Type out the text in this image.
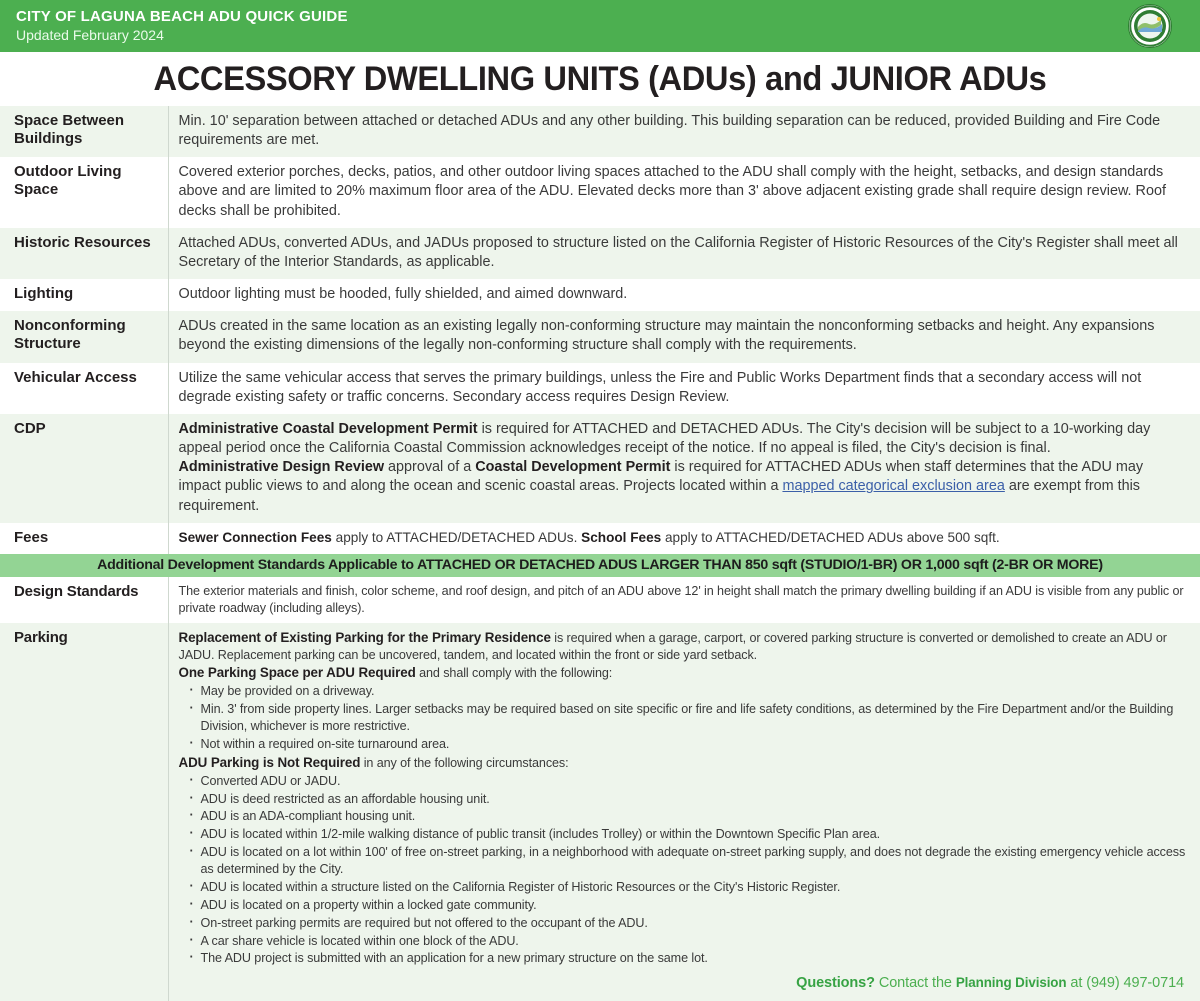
CITY OF LAGUNA BEACH ADU QUICK GUIDE
Updated February 2024
ACCESSORY DWELLING UNITS (ADUs) and JUNIOR ADUs
Space Between Buildings	Min. 10' separation between attached or detached ADUs and any other building. This building separation can be reduced, provided Building and Fire Code requirements are met.
Outdoor Living Space	Covered exterior porches, decks, patios, and other outdoor living spaces attached to the ADU shall comply with the height, setbacks, and design standards above and are limited to 20% maximum floor area of the ADU. Elevated decks more than 3' above adjacent existing grade shall require design review. Roof decks shall be prohibited.
Historic Resources	Attached ADUs, converted ADUs, and JADUs proposed to structure listed on the California Register of Historic Resources of the City's Register shall meet all Secretary of the Interior Standards, as applicable.
Lighting	Outdoor lighting must be hooded, fully shielded, and aimed downward.
Nonconforming Structure	ADUs created in the same location as an existing legally non-conforming structure may maintain the nonconforming setbacks and height. Any expansions beyond the existing dimensions of the legally non-conforming structure shall comply with the requirements.
Vehicular Access	Utilize the same vehicular access that serves the primary buildings, unless the Fire and Public Works Department finds that a secondary access will not degrade existing safety or traffic concerns. Secondary access requires Design Review.
CDP	Administrative Coastal Development Permit is required for ATTACHED and DETACHED ADUs. The City's decision will be subject to a 10-working day appeal period once the California Coastal Commission acknowledges receipt of the notice. If no appeal is filed, the City's decision is final.
Administrative Design Review approval of a Coastal Development Permit is required for ATTACHED ADUs when staff determines that the ADU may impact public views to and along the ocean and scenic coastal areas. Projects located within a mapped categorical exclusion area are exempt from this requirement.

Fees	Sewer Connection Fees apply to ATTACHED/DETACHED ADUs. School Fees apply to ATTACHED/DETACHED ADUs above 500 sqft.
Additional Development Standards Applicable to ATTACHED OR DETACHED ADUS LARGER THAN 850 sqft (STUDIO/1-BR) OR 1,000 sqft (2-BR OR MORE)	
Design Standards	The exterior materials and finish, color scheme, and roof design, and pitch of an ADU above 12' in height shall match the primary dwelling building if an ADU is visible from any public or private roadway (including alleys).
Parking	Replacement of Existing Parking for the Primary Residence is required when a garage, carport, or covered parking structure is converted or demolished to create an ADU or JADU. Replacement parking can be uncovered, tandem, and located within the front or side yard setback.
One Parking Space per ADU Required and shall comply with the following:
· May be provided on a driveway.
· Min. 3' from side property lines. Larger setbacks may be required based on site specific or fire and life safety conditions, as determined by the Fire Department and/or the Building Division, whichever is more restrictive.
· Not within a required on-site turnaround area.
ADU Parking is Not Required in any of the following circumstances:
· Converted ADU or JADU.
· ADU is deed restricted as an affordable housing unit.
· ADU is an ADA-compliant housing unit.
· ADU is located within 1/2-mile walking distance of public transit (includes Trolley) or within the Downtown Specific Plan area.
· ADU is located on a lot within 100' of free on-street parking, in a neighborhood with adequate on-street parking supply, and does not degrade the existing emergency vehicle access as determined by the City.
· ADU is located within a structure listed on the California Register of Historic Resources or the City's Historic Register.
· ADU is located on a property within a locked gate community.
· On-street parking permits are required but not offered to the occupant of the ADU.
· A car share vehicle is located within one block of the ADU.
· The ADU project is submitted with an application for a new primary structure on the same lot.
Questions? Contact the Planning Division at (949) 497-0714
